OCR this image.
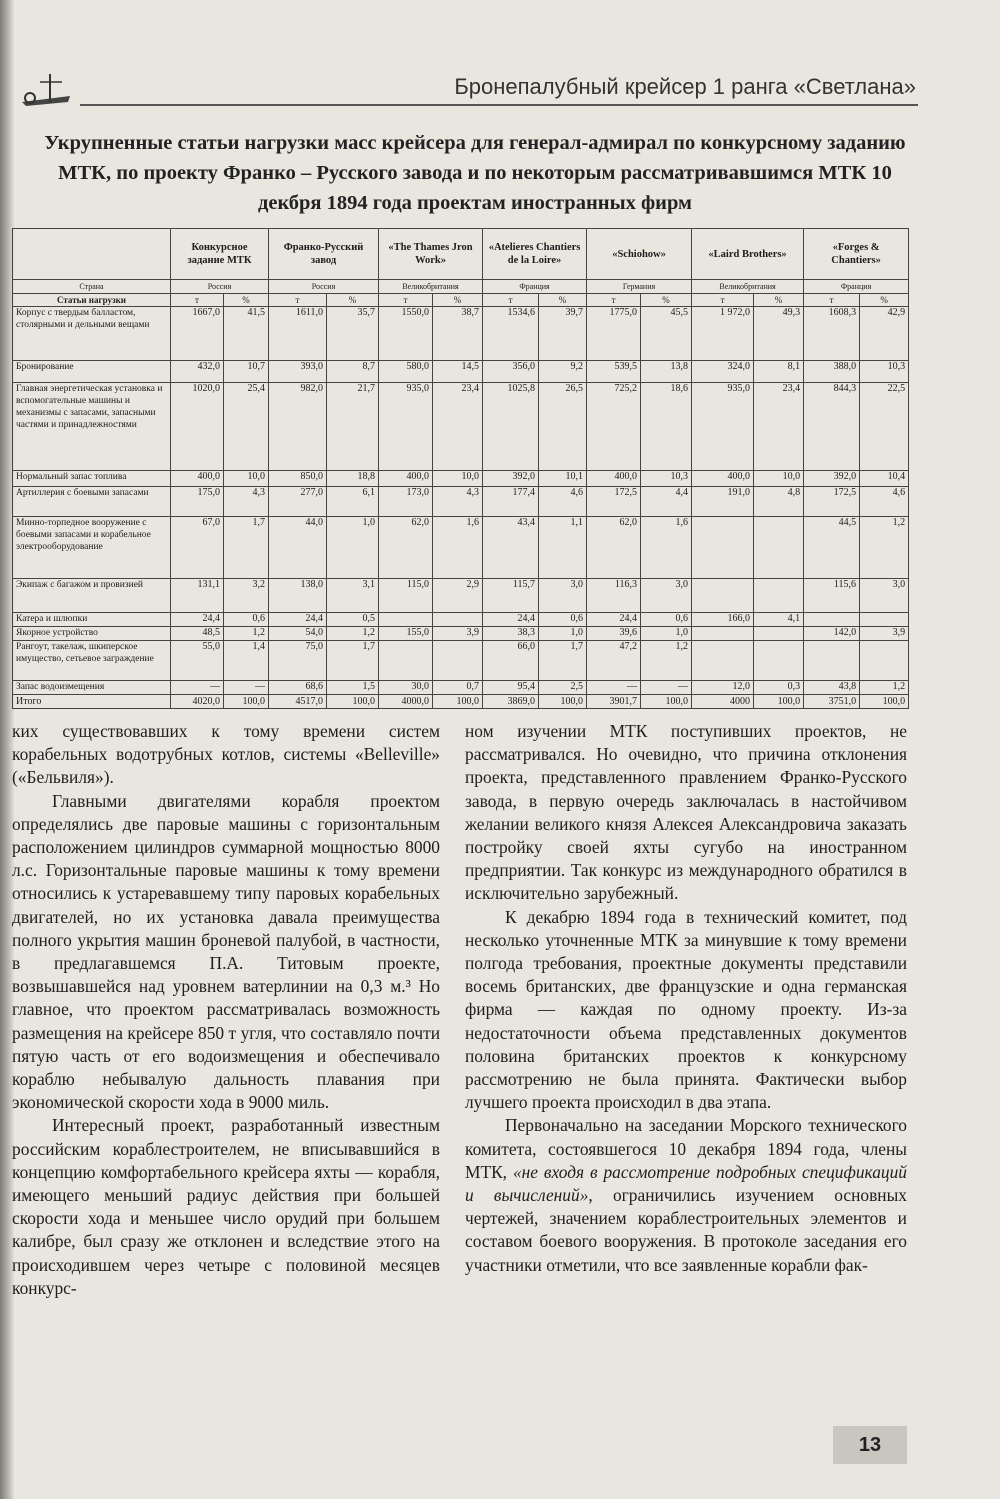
Бронепалубный крейсер 1 ранга «Светлана»
Укрупненные статьи нагрузки масс крейсера для генерал-адмирал по конкурсному заданию МТК, по проекту Франко – Русского завода и по некоторым рассматривавшимся МТК 10 декбря 1894 года проектам иностранных фирм
	Конкурсное задание МТК		Франко-Русский завод		«The Thames Jron Work»		«Atelieres Chantiers de la Loire»		«Schiohow»		«Laird Brothers»		«Forges & Chantiers»	
Страна	Россия		Россия		Великобритания		Франция		Германия		Великобритания		Франция	
Статьи нагрузки	т	%	т	%	т	%	т	%	т	%	т	%	т	%
Корпус с твердым балластом, столярными и дельными вещами	1667,0	41,5	1611,0	35,7	1550,0	38,7	1534,6	39,7	1775,0	45,5	1 972,0	49,3	1608,3	42,9
Бронирование	432,0	10,7	393,0	8,7	580,0	14,5	356,0	9,2	539,5	13,8	324,0	8,1	388,0	10,3
Главная энергетическая установка и вспомогательные машины и механизмы с запасами, запасными частями и принадлежностями	1020,0	25,4	982,0	21,7	935,0	23,4	1025,8	26,5	725,2	18,6	935,0	23,4	844,3	22,5
Нормальный запас топлива	400,0	10,0	850,0	18,8	400,0	10,0	392,0	10,1	400,0	10,3	400,0	10,0	392,0	10,4
Артиллерия с боевыми запасами	175,0	4,3	277,0	6,1	173,0	4,3	177,4	4,6	172,5	4,4	191,0	4,8	172,5	4,6
Минно-торпедное вооружение с боевыми запасами и корабельное электрооборудование	67,0	1,7	44,0	1,0	62,0	1,6	43,4	1,1	62,0	1,6			44,5	1,2
Экипаж с багажом и провизией	131,1	3,2	138,0	3,1	115,0	2,9	115,7	3,0	116,3	3,0			115,6	3,0
Катера и шлюпки	24,4	0,6	24,4	0,5			24,4	0,6	24,4	0,6	166,0	4,1		
Якорное устройство	48,5	1,2	54,0	1,2	155,0	3,9	38,3	1,0	39,6	1,0			142,0	3,9
Рангоут, такелаж, шкиперское имущество, сетьевое заграждение	55,0	1,4	75,0	1,7			66,0	1,7	47,2	1,2				
Запас водоизмещения	—	—	68,6	1,5	30,0	0,7	95,4	2,5	—	—	12,0	0,3	43,8	1,2
Итого	4020,0	100,0	4517,0	100,0	4000,0	100,0	3869,0	100,0	3901,7	100,0	4000	100,0	3751,0	100,0

ких существовавших к тому времени систем корабельных водотрубных котлов, системы «Belleville» («Бельвиля»).

Главными двигателями корабля проектом определялись две паровые машины с горизонтальным расположением цилиндров суммарной мощностью 8000 л.с. Горизонтальные паровые машины к тому времени относились к устаревавшему типу паровых корабельных двигателей, но их установка давала преимущества полного укрытия машин броневой палубой, в частности, в предлагавшемся П.А. Титовым проекте, возвышавшейся над уровнем ватерлинии на 0,3 м.³ Но главное, что проектом рассматривалась возможность размещения на крейсере 850 т угля, что составляло почти пятую часть от его водоизмещения и обеспечивало кораблю небывалую дальность плавания при экономической скорости хода в 9000 миль.

Интересный проект, разработанный известным российским кораблестроителем, не вписывавшийся в концепцию комфортабельного крейсера яхты — корабля, имеющего меньший радиус действия при большей скорости хода и меньшее число орудий при большем калибре, был сразу же отклонен и вследствие этого на происходившем через четыре с половиной месяцев конкурс-

ном изучении МТК поступивших проектов, не рассматривался. Но очевидно, что причина отклонения проекта, представленного правлением Франко-Русского завода, в первую очередь заключалась в настойчивом желании великого князя Алексея Александровича заказать постройку своей яхты сугубо на иностранном предприятии. Так конкурс из международного обратился в исключительно зарубежный.

К декабрю 1894 года в технический комитет, под несколько уточненные МТК за минувшие к тому времени полгода требования, проектные документы представили восемь британских, две французские и одна германская фирма — каждая по одному проекту. Из-за недостаточности объема представленных документов половина британских проектов к конкурсному рассмотрению не была принята. Фактически выбор лучшего проекта происходил в два этапа.

Первоначально на заседании Морского технического комитета, состоявшегося 10 декабря 1894 года, члены МТК, «не входя в рассмотрение подробных спецификаций и вычислений», ограничились изучением основных чертежей, значением кораблестроительных элементов и составом боевого вооружения. В протоколе заседания его участники отметили, что все заявленные корабли фак-

13
